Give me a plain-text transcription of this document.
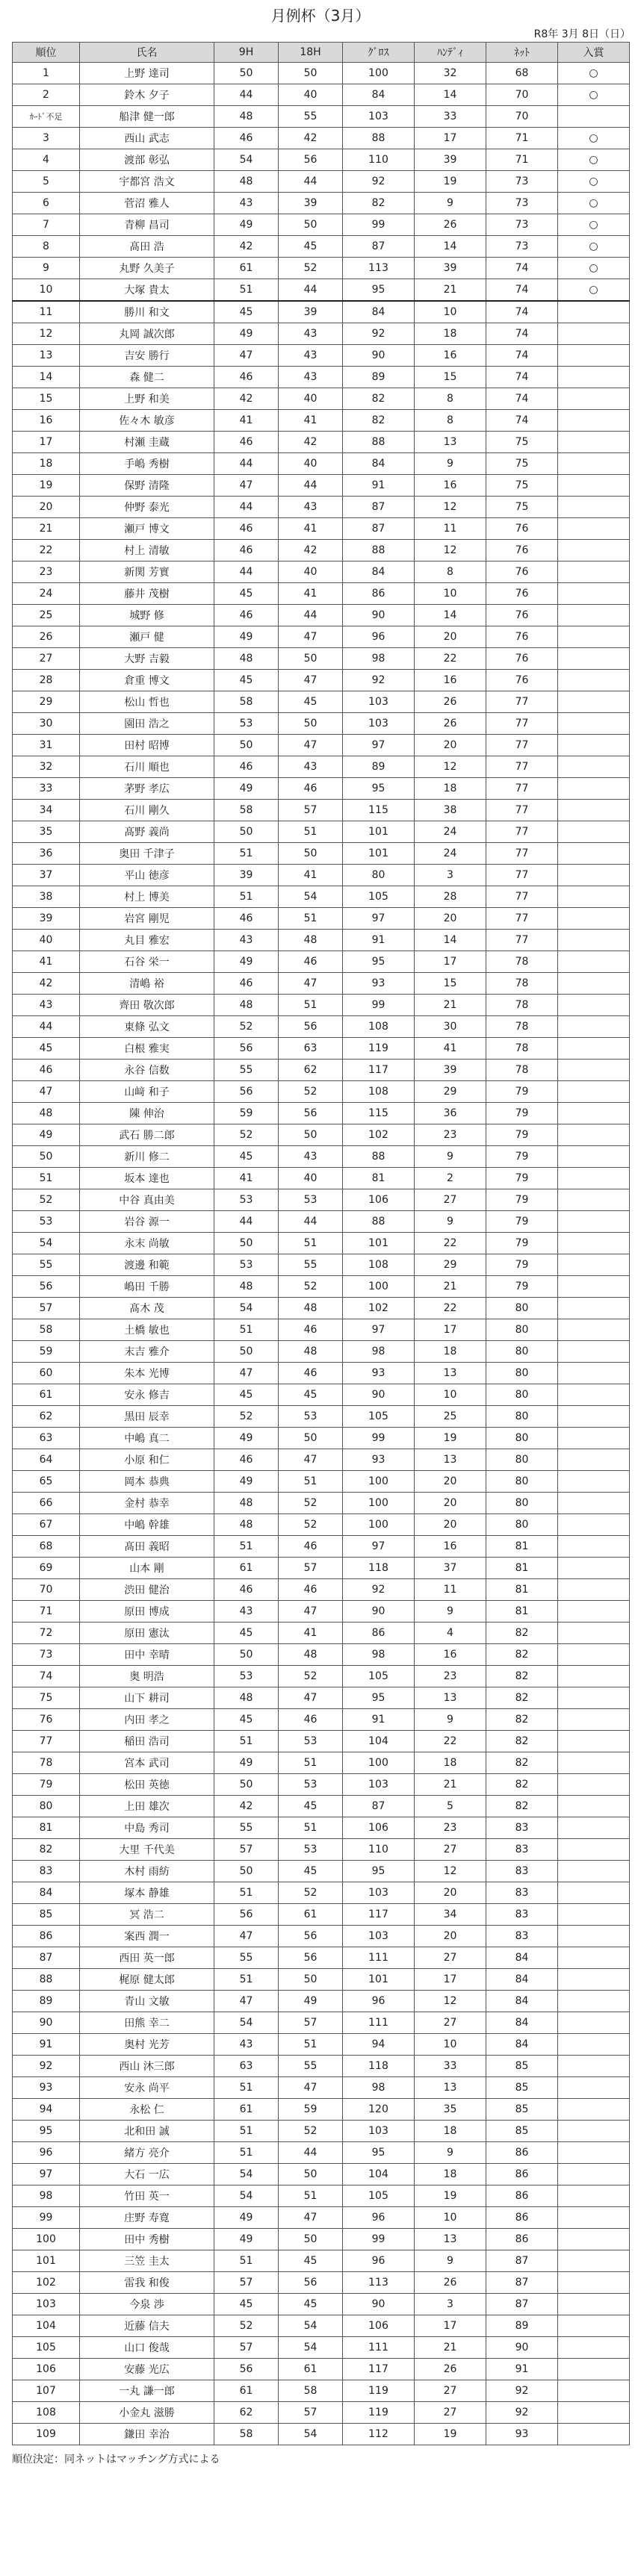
月例杯（3月）
R8年 3月 8日（日）
順位	氏名	9H	18H	ｸﾞﾛｽ	ﾊﾝﾃﾞｨ	ﾈｯﾄ	入賞
1	上野 達司	50	50	100	32	68	○
2	鈴木 夕子	44	40	84	14	70	○
ｶｰﾄﾞ不足	船津 健一郎	48	55	103	33	70	
3	西山 武志	46	42	88	17	71	○
4	渡部 彰弘	54	56	110	39	71	○
5	宇都宮 浩文	48	44	92	19	73	○
6	菅沼 雅人	43	39	82	9	73	○
7	青柳 昌司	49	50	99	26	73	○
8	髙田 浩	42	45	87	14	73	○
9	丸野 久美子	61	52	113	39	74	○
10	大塚 貴太	51	44	95	21	74	○
11	勝川 和文	45	39	84	10	74	
12	丸岡 誠次郎	49	43	92	18	74	
13	吉安 勝行	47	43	90	16	74	
14	森 健二	46	43	89	15	74	
15	上野 和美	42	40	82	8	74	
16	佐々木 敏彦	41	41	82	8	74	
17	村瀬 圭蔵	46	42	88	13	75	
18	手嶋 秀樹	44	40	84	9	75	
19	保野 清隆	47	44	91	16	75	
20	仲野 泰光	44	43	87	12	75	
21	瀬戸 博文	46	41	87	11	76	
22	村上 清敏	46	42	88	12	76	
23	新関 芳實	44	40	84	8	76	
24	藤井 茂樹	45	41	86	10	76	
25	城野 修	46	44	90	14	76	
26	瀬戸 健	49	47	96	20	76	
27	大野 吉毅	48	50	98	22	76	
28	倉重 博文	45	47	92	16	76	
29	松山 哲也	58	45	103	26	77	
30	園田 浩之	53	50	103	26	77	
31	田村 昭博	50	47	97	20	77	
32	石川 順也	46	43	89	12	77	
33	茅野 孝広	49	46	95	18	77	
34	石川 剛久	58	57	115	38	77	
35	髙野 義尚	50	51	101	24	77	
36	奥田 千津子	51	50	101	24	77	
37	平山 徳彦	39	41	80	3	77	
38	村上 博美	51	54	105	28	77	
39	岩宮 剛児	46	51	97	20	77	
40	丸目 雅宏	43	48	91	14	77	
41	石谷 栄一	49	46	95	17	78	
42	清嶋 裕	46	47	93	15	78	
43	齊田 敬次郎	48	51	99	21	78	
44	東條 弘文	52	56	108	30	78	
45	白根 雅実	56	63	119	41	78	
46	永谷 信数	55	62	117	39	78	
47	山﨑 和子	56	52	108	29	79	
48	陳 伸治	59	56	115	36	79	
49	武石 勝二郎	52	50	102	23	79	
50	新川 修二	45	43	88	9	79	
51	坂本 達也	41	40	81	2	79	
52	中谷 真由美	53	53	106	27	79	
53	岩谷 源一	44	44	88	9	79	
54	永末 尚敏	50	51	101	22	79	
55	渡邊 和範	53	55	108	29	79	
56	嶋田 千勝	48	52	100	21	79	
57	髙木 茂	54	48	102	22	80	
58	土橋 敏也	51	46	97	17	80	
59	末吉 雅介	50	48	98	18	80	
60	朱本 光博	47	46	93	13	80	
61	安永 修吉	45	45	90	10	80	
62	黒田 辰幸	52	53	105	25	80	
63	中嶋 真二	49	50	99	19	80	
64	小原 和仁	46	47	93	13	80	
65	岡本 恭典	49	51	100	20	80	
66	金村 恭幸	48	52	100	20	80	
67	中嶋 幹雄	48	52	100	20	80	
68	髙田 義昭	51	46	97	16	81	
69	山本 剛	61	57	118	37	81	
70	渋田 健治	46	46	92	11	81	
71	原田 博成	43	47	90	9	81	
72	原田 憲汰	45	41	86	4	82	
73	田中 幸晴	50	48	98	16	82	
74	奥 明浩	53	52	105	23	82	
75	山下 耕司	48	47	95	13	82	
76	内田 孝之	45	46	91	9	82	
77	稲田 浩司	51	53	104	22	82	
78	宮本 武司	49	51	100	18	82	
79	松田 英徳	50	53	103	21	82	
80	上田 雄次	42	45	87	5	82	
81	中島 秀司	55	51	106	23	83	
82	大里 千代美	57	53	110	27	83	
83	木村 雨紡	50	45	95	12	83	
84	塚本 静雄	51	52	103	20	83	
85	冥 浩二	56	61	117	34	83	
86	案西 潤一	47	56	103	20	83	
87	西田 英一郎	55	56	111	27	84	
88	梶原 健太郎	51	50	101	17	84	
89	青山 文敏	47	49	96	12	84	
90	田熊 幸二	54	57	111	27	84	
91	奥村 光芳	43	51	94	10	84	
92	西山 沐三郎	63	55	118	33	85	
93	安永 尚平	51	47	98	13	85	
94	永松 仁	61	59	120	35	85	
95	北和田 誠	51	52	103	18	85	
96	緒方 亮介	51	44	95	9	86	
97	大石 一広	54	50	104	18	86	
98	竹田 英一	54	51	105	19	86	
99	庄野 寿寛	49	47	96	10	86	
100	田中 秀樹	49	50	99	13	86	
101	三笠 圭太	51	45	96	9	87	
102	雷我 和俊	57	56	113	26	87	
103	今泉 渉	45	45	90	3	87	
104	近藤 信夫	52	54	106	17	89	
105	山口 俊哉	57	54	111	21	90	
106	安藤 光広	56	61	117	26	91	
107	一丸 謙一郎	61	58	119	27	92	
108	小金丸 滋勝	62	57	119	27	92	
109	鎌田 幸治	58	54	112	19	93	
順位決定：同ネットはマッチング方式による
